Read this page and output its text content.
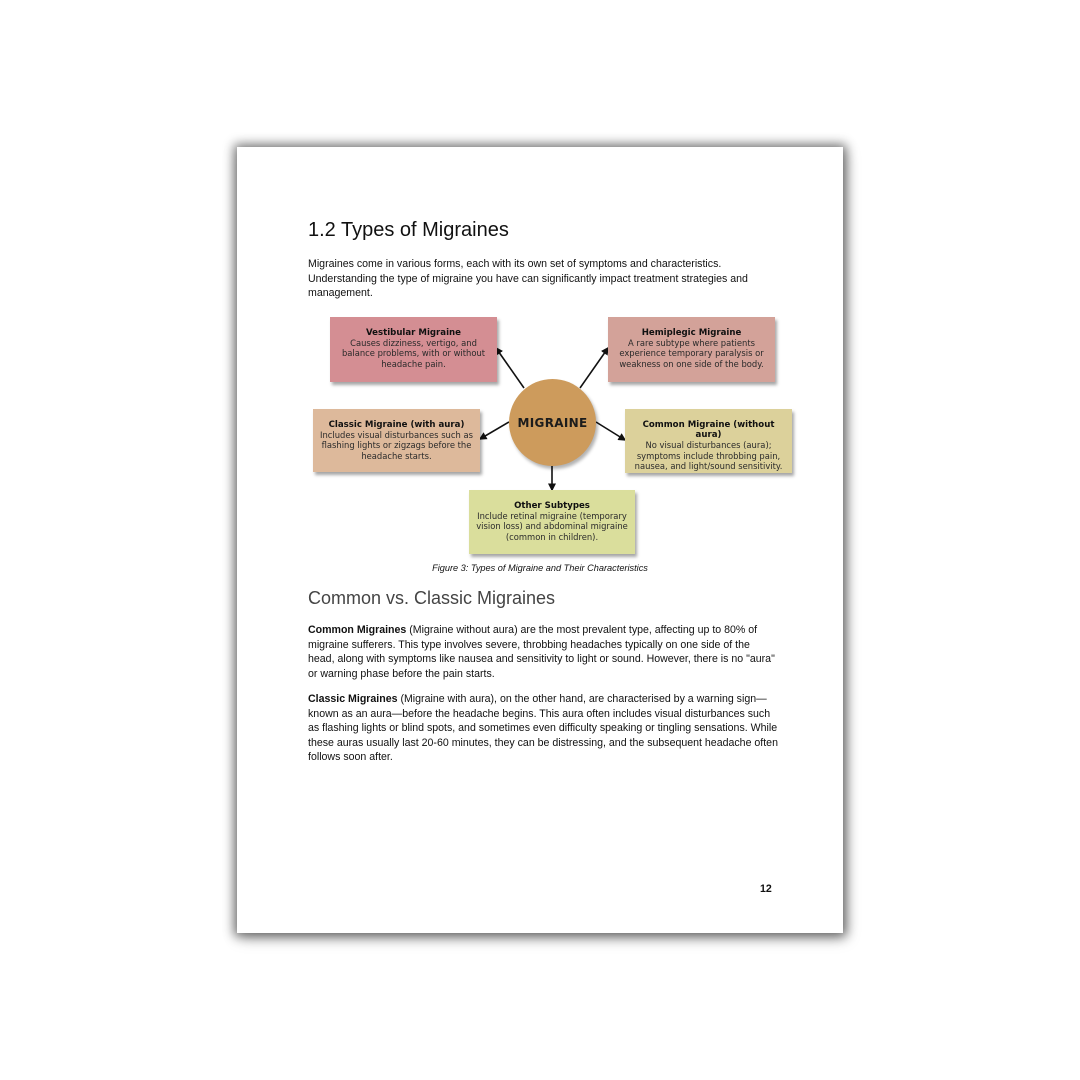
1.2 Types of Migraines

Migraines come in various forms, each with its own set of symptoms and characteristics. Understanding the type of migraine you have can significantly impact treatment strategies and management.

Vestibular Migraine
Causes dizziness, vertigo, and balance problems, with or without headache pain.
Hemiplegic Migraine
A rare subtype where patients experience temporary paralysis or weakness on one side of the body.
Classic Migraine (with aura)
Includes visual disturbances such as flashing lights or zigzags before the headache starts.
Common Migraine (without aura)
No visual disturbances (aura); symptoms include throbbing pain, nausea, and light/sound sensitivity.
Other Subtypes
Include retinal migraine (temporary vision loss) and abdominal migraine (common in children).
MIGRAINE

Figure 3: Types of Migraine and Their Characteristics

Common vs. Classic Migraines

Common Migraines (Migraine without aura) are the most prevalent type, affecting up to 80% of migraine sufferers. This type involves severe, throbbing headaches typically on one side of the head, along with symptoms like nausea and sensitivity to light or sound. However, there is no "aura" or warning phase before the pain starts.

Classic Migraines (Migraine with aura), on the other hand, are characterised by a warning sign—known as an aura—before the headache begins. This aura often includes visual disturbances such as flashing lights or blind spots, and sometimes even difficulty speaking or tingling sensations. While these auras usually last 20-60 minutes, they can be distressing, and the subsequent headache often follows soon after.

12
